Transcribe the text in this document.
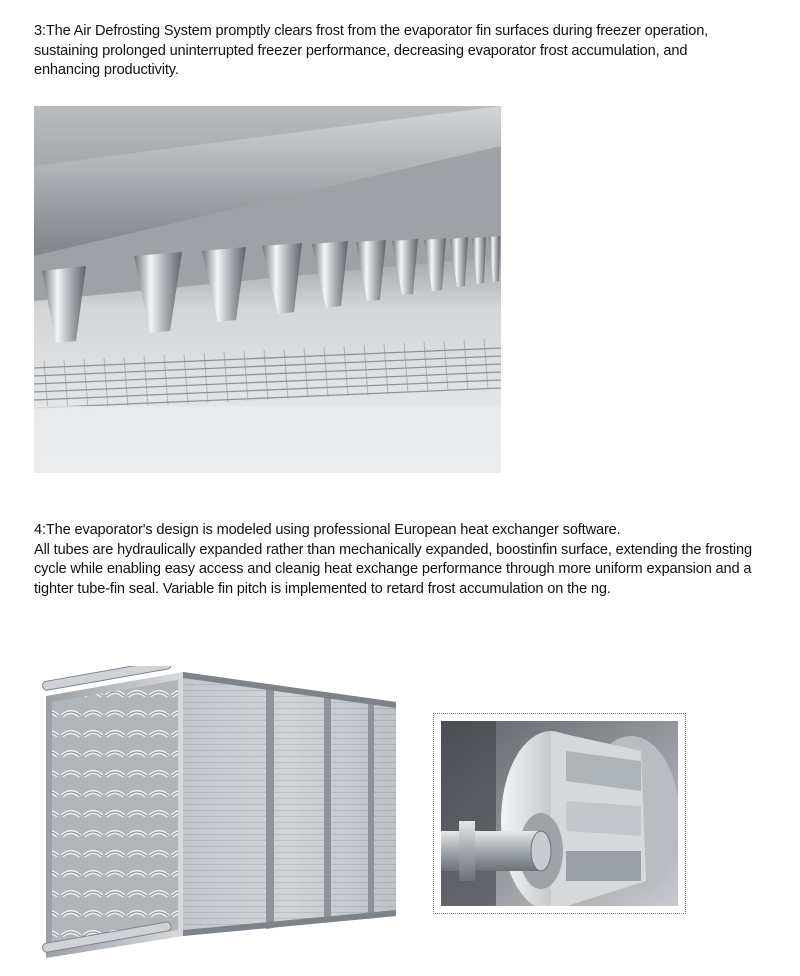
3:The Air Defrosting System promptly clears frost from the evaporator fin surfaces during freezer operation, sustaining prolonged uninterrupted freezer performance, decreasing evaporator frost accumulation, and enhancing productivity.

4:The evaporator's design is modeled using professional European heat exchanger software.
All tubes are hydraulically expanded rather than mechanically expanded, boostinfin surface, extending the frosting cycle while enabling easy access and cleanig heat exchange performance through more uniform expansion and a tighter tube-fin seal. Variable fin pitch is implemented to retard frost accumulation on the ng.
